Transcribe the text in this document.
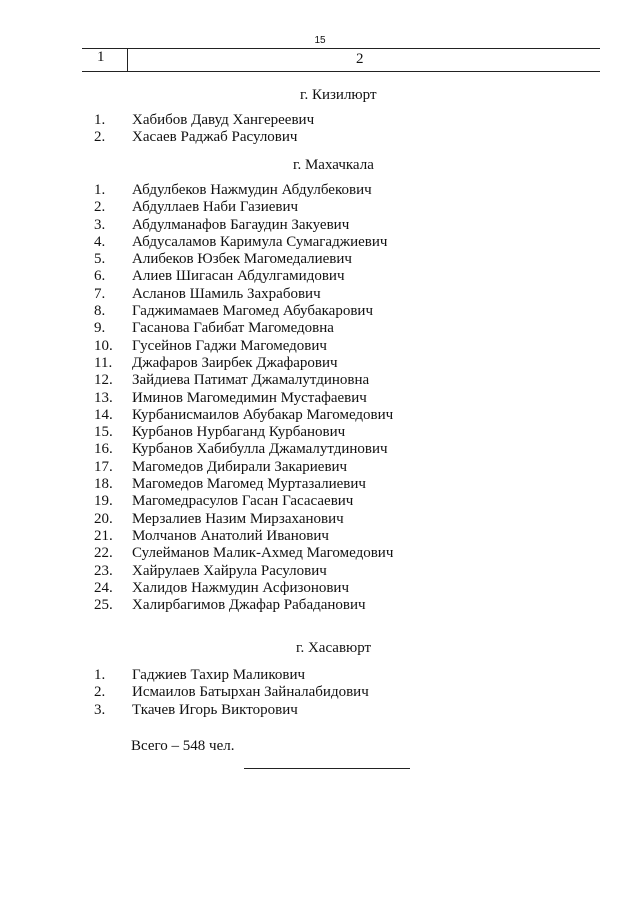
15
1	2
г. Кизилюрт
1.	Хабибов Давуд Хангереевич
2.	Хасаев Раджаб Расулович
г. Махачкала
1.	Абдулбеков Нажмудин Абдулбекович
2.	Абдуллаев Наби Газиевич
3.	Абдулманафов Багаудин Закуевич
4.	Абдусаламов Каримула Сумагаджиевич
5.	Алибеков Юзбек Магомедалиевич
6.	Алиев Шигасан Абдулгамидович
7.	Асланов Шамиль Захрабович
8.	Гаджимамаев Магомед Абубакарович
9.	Гасанова Габибат Магомедовна
10.	Гусейнов Гаджи Магомедович
11.	Джафаров Заирбек Джафарович
12.	Зайдиева Патимат Джамалутдиновна
13.	Иминов Магомедимин Мустафаевич
14.	Курбанисмаилов Абубакар Магомедович
15.	Курбанов Нурбаганд Курбанович
16.	Курбанов Хабибулла Джамалутдинович
17.	Магомедов Дибирали Закариевич
18.	Магомедов Магомед Муртазалиевич
19.	Магомедрасулов Гасан Гасасаевич
20.	Мерзалиев Назим Мирзаханович
21.	Молчанов Анатолий Иванович
22.	Сулейманов Малик-Ахмед Магомедович
23.	Хайрулаев Хайрула Расулович
24.	Халидов Нажмудин Асфизонович
25.	Халирбагимов Джафар Рабаданович
г. Хасавюрт
1.	Гаджиев Тахир Маликович
2.	Исмаилов Батырхан Зайналабидович
3.	Ткачев Игорь Викторович
Всего – 548 чел.
